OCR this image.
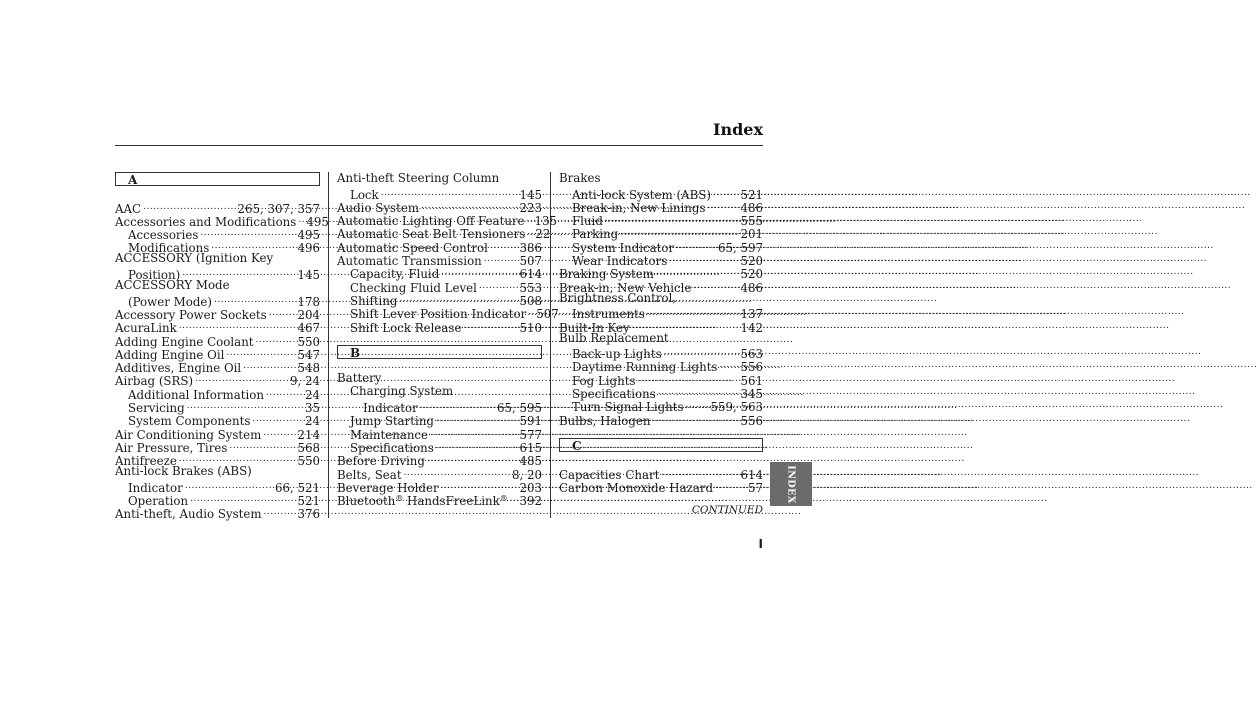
Index
A
AAC .....	265, 307, 357
Accessories and Modifications ..... 495
Accessories .....	495
Modifications .....	496
ACCESSORY (Ignition Key
Position) .....	145
ACCESSORY Mode
(Power Mode) .....	178
Accessory Power Sockets .....	204
AcuraLink .....	467
Adding Engine Coolant .....	550
Adding Engine Oil .....	547
Additives, Engine Oil .....	548
Airbag (SRS) .....	9, 24
Additional Information .....	24
Servicing .....	35
System Components .....	24
Air Conditioning System .....	214
Air Pressure, Tires .....	568
Antifreeze .....	550
Anti-lock Brakes (ABS)
Indicator .....	66, 521
Operation .....	521
Anti-theft, Audio System .....	376
Anti-theft Steering Column
Lock .....	145
Audio System .....	223
Automatic Lighting Off Feature ..... 135
Automatic Seat Belt Tensioners ..... 22
Automatic Speed Control .....	386
Automatic Transmission .....	507
Capacity, Fluid .....	614
Checking Fluid Level .....	553
Shifting .....	508
Shift Lever Position Indicator ..... 507
Shift Lock Release .....	510
B
Battery
Charging System
Indicator .....	65, 595
Jump Starting .....	591
Maintenance .....	577
Specifications .....	615
Before Driving .....	485
Belts, Seat .....	8, 20
Beverage Holder .....	203
Bluetooth® HandsFreeLink® ..... 392
Brakes
Anti-lock System (ABS) .....	521
Break-in, New Linings .....	486
Fluid .....	555
Parking .....	201
System Indicator .....	65, 597
Wear Indicators .....	520
Braking System .....	520
Break-in, New Vehicle .....	486
Brightness Control,
Instruments .....	137
Built-In Key .....	142
Bulb Replacement
Back-up Lights .....	563
Daytime Running Lights ..... 556
Fog Lights .....	561
Specifications .....	345
Turn Signal Lights ..... 559, 563
Bulbs, Halogen .....	556
C
Capacities Chart .....	614
Carbon Monoxide Hazard .....	57
CONTINUED
I
INDEX
